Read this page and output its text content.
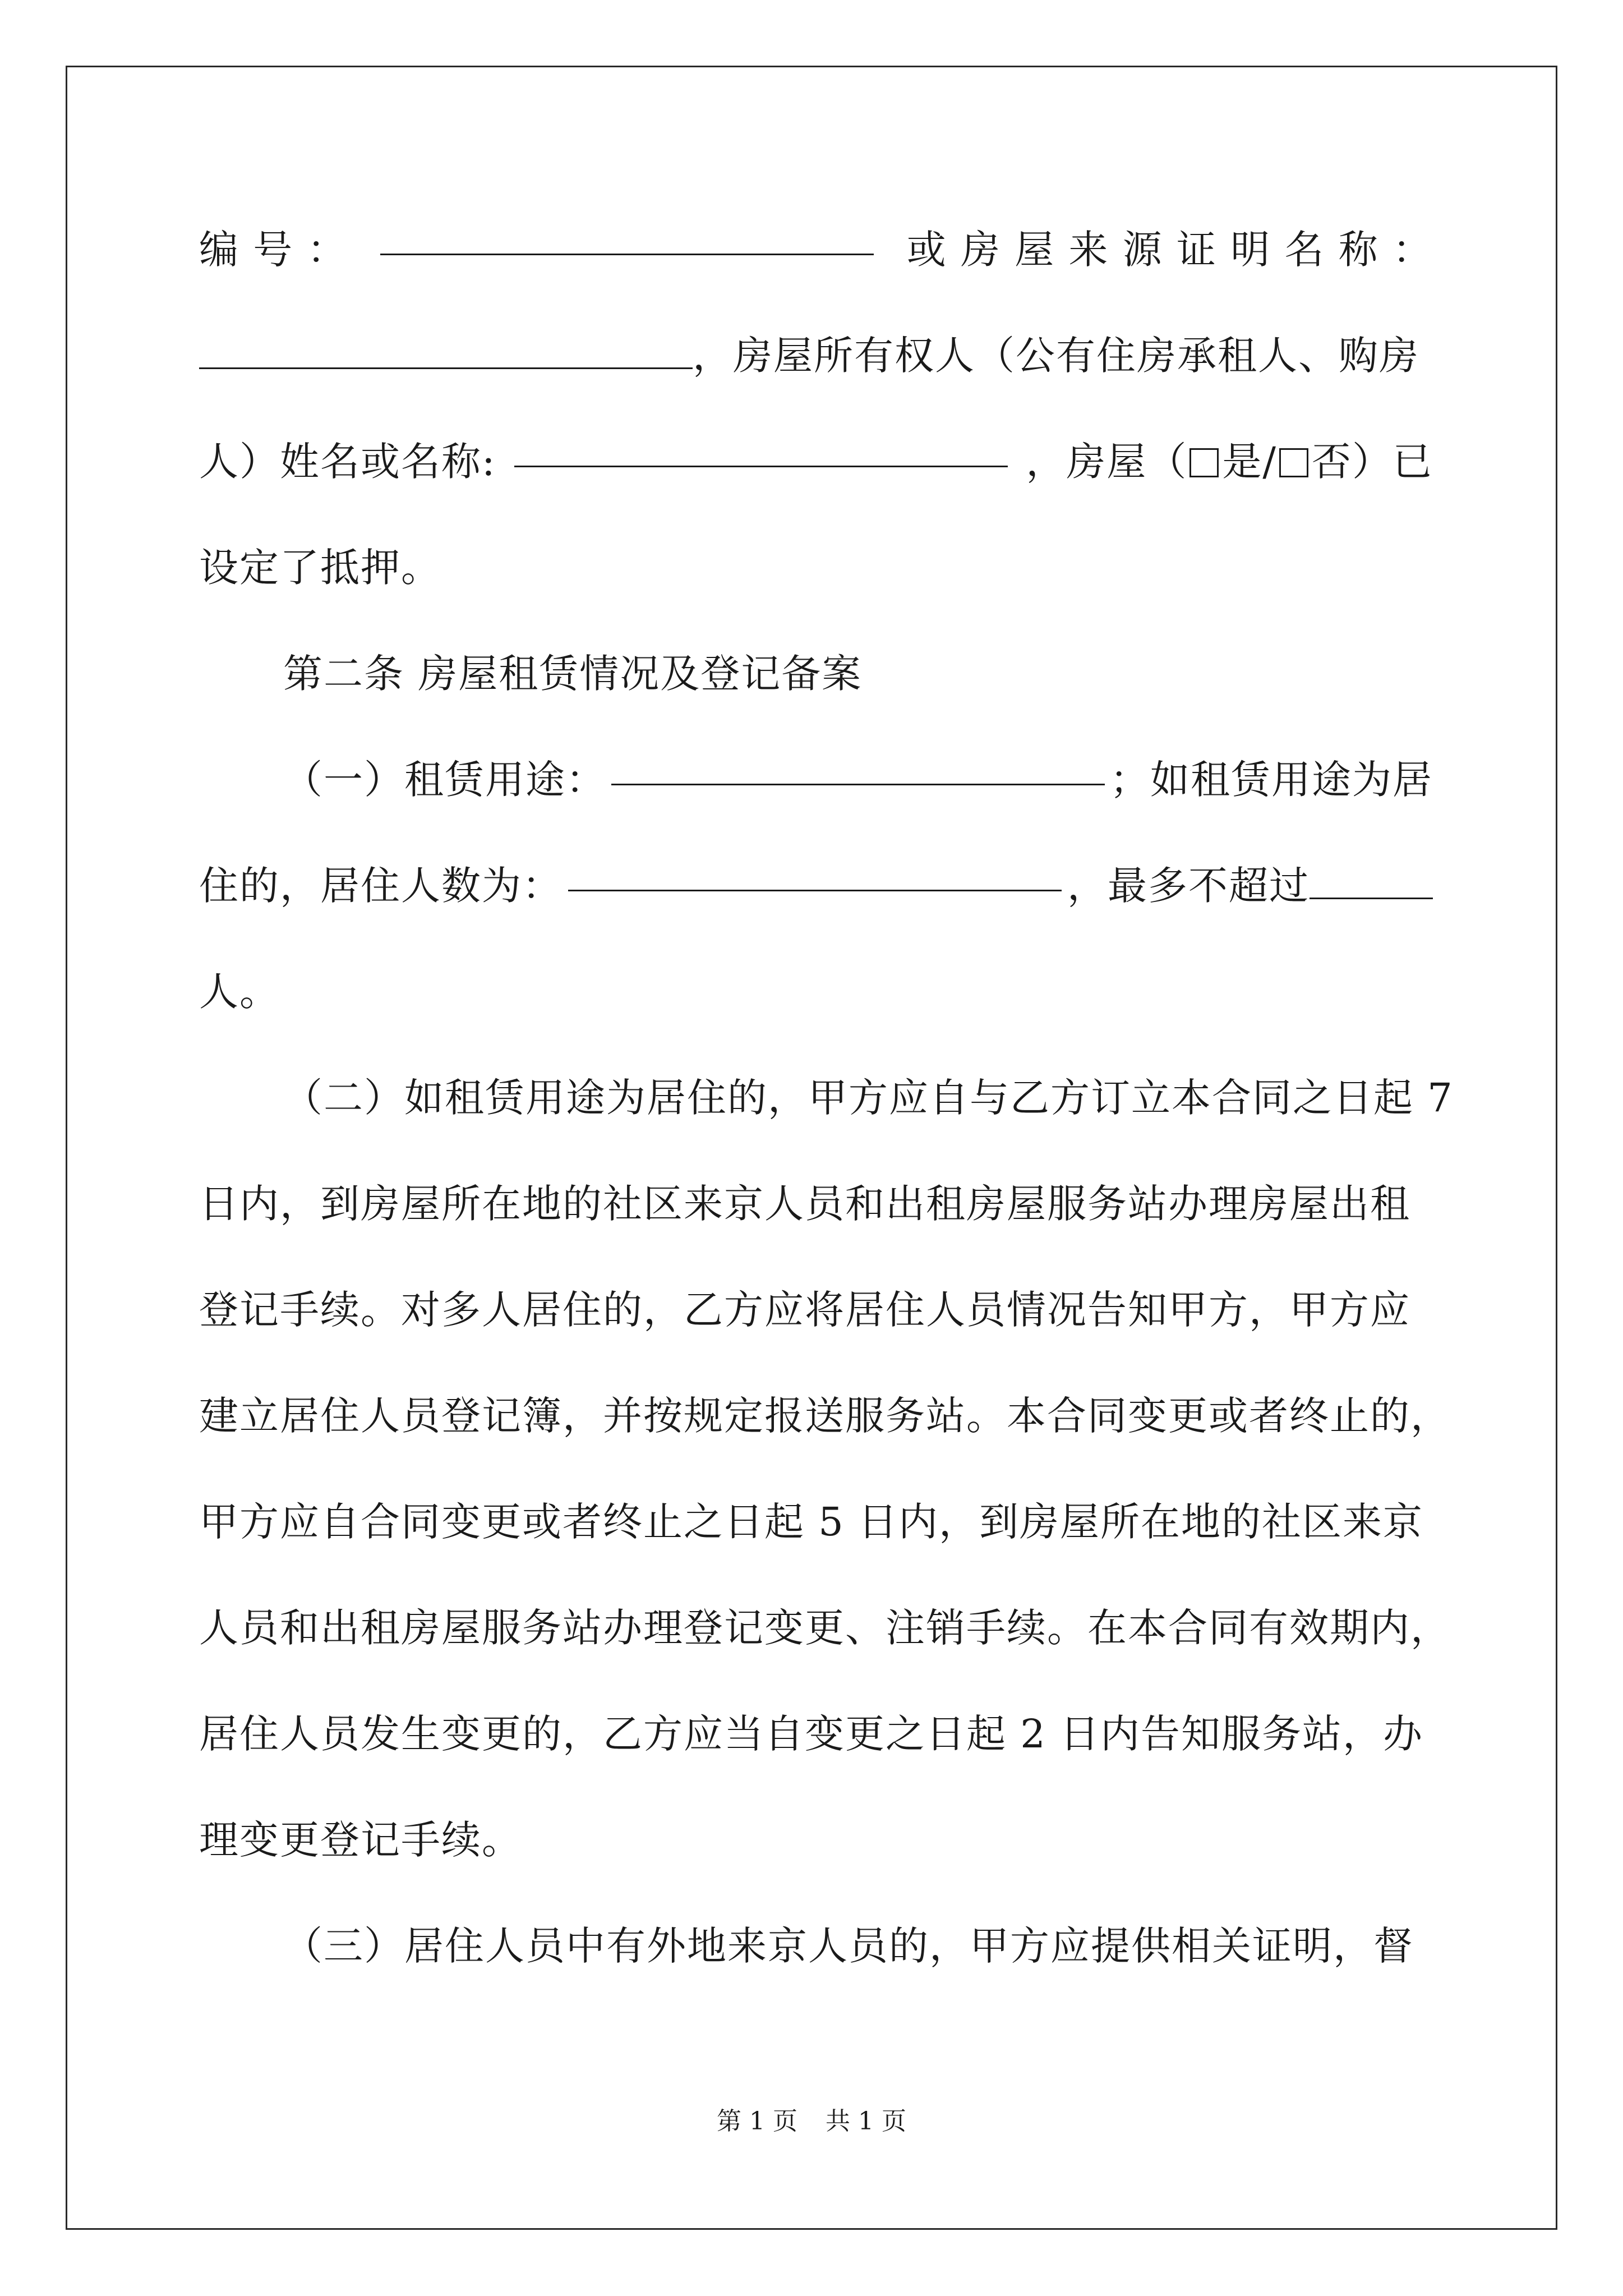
编 号 ：	或 房 屋 来 源 证 明 名 称 ：
，房屋所有权人（公有住房承租人、购房
人）姓名或名称:	，房屋（ 是/ 否）已
设定了抵押。
第二条 房屋租赁情况及登记备案
（一）租赁用途：	；如租赁用途为居
住的，居住人数为：	，最多不超过
人。
（二）如租赁用途为居住的，甲方应自与乙方订立本合同之日起 7
日内，到房屋所在地的社区来京人员和出租房屋服务站办理房屋出租
登记手续。对多人居住的，乙方应将居住人员情况告知甲方，甲方应
建立居住人员登记簿，并按规定报送服务站。本合同变更或者终止的，
甲方应自合同变更或者终止之日起 5 日内，到房屋所在地的社区来京
人员和出租房屋服务站办理登记变更、注销手续。在本合同有效期内，
居住人员发生变更的，乙方应当自变更之日起 2 日内告知服务站，办
理变更登记手续。
（三）居住人员中有外地来京人员的，甲方应提供相关证明，督
第 1 页 共 1 页
